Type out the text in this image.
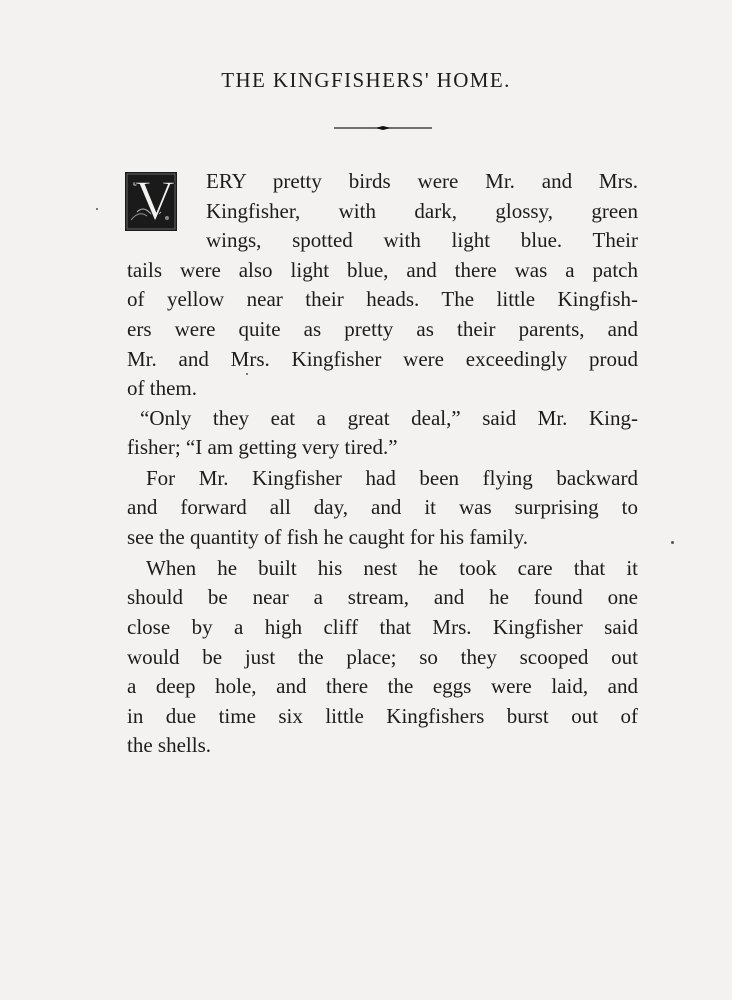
THE KINGFISHERS' HOME.
V ERY pretty birds were Mr. and Mrs.
Kingfisher, with dark, glossy, green
wings, spotted with light blue. Their
tails were also light blue, and there was a patch
of yellow near their heads. The little Kingfish-
ers were quite as pretty as their parents, and
Mr. and Mrs. Kingfisher were exceedingly proud
of them.
“Only they eat a great deal,” said Mr. King-
fisher; “I am getting very tired.”
For Mr. Kingfisher had been flying backward
and forward all day, and it was surprising to
see the quantity of fish he caught for his family.
When he built his nest he took care that it
should be near a stream, and he found one
close by a high cliff that Mrs. Kingfisher said
would be just the place; so they scooped out
a deep hole, and there the eggs were laid, and
in due time six little Kingfishers burst out of
the shells.
